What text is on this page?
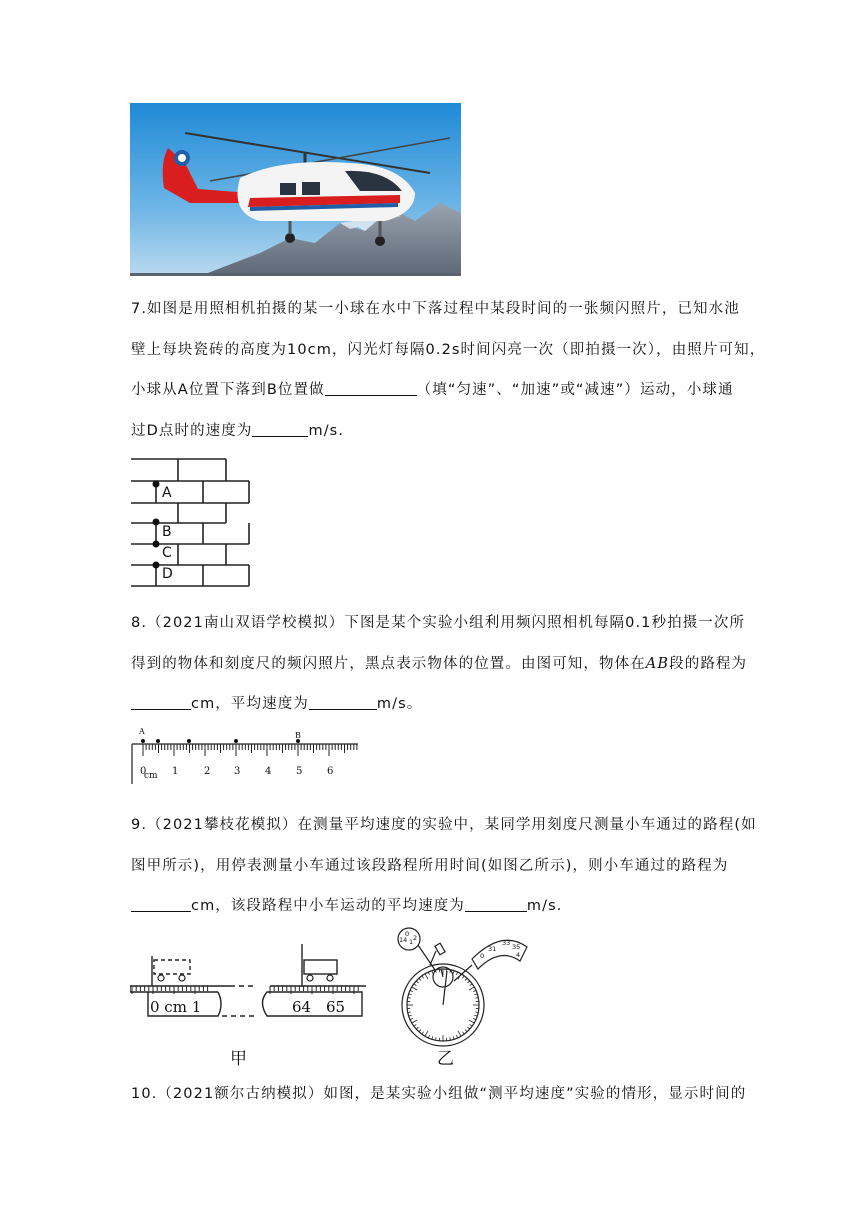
7.如图是用照相机拍摄的某一小球在水中下落过程中某段时间的一张频闪照片，已知水池
壁上每块瓷砖的高度为10cm，闪光灯每隔0.2s时间闪亮一次（即拍摄一次），由照片可知，
小球从A位置下落到B位置做	（填“匀速”、“加速”或“减速”）运动，小球通
过D点时的速度为	m/s.
A
B
C
D
8.（2021南山双语学校模拟）下图是某个实验小组利用频闪照相机每隔0.1秒拍摄一次所
得到的物体和刻度尺的频闪照片，黑点表示物体的位置。由图可知，物体在AB段的路程为
cm，平均速度为	m/s。
A	B
0
cm 1	2 3 4 5 6
9.（2021攀枝花模拟）在测量平均速度的实验中，某同学用刻度尺测量小车通过的路程(如
图甲所示)，用停表测量小车通过该段路程所用时间(如图乙所示)，则小车通过的路程为
cm，该段路程中小车运动的平均速度为	m/s.
0 cm 1	64 65
0
14 1 2
0
31
33 35
4
甲	乙
10.（2021额尔古纳模拟）如图，是某实验小组做“测平均速度”实验的情形，显示时间的
